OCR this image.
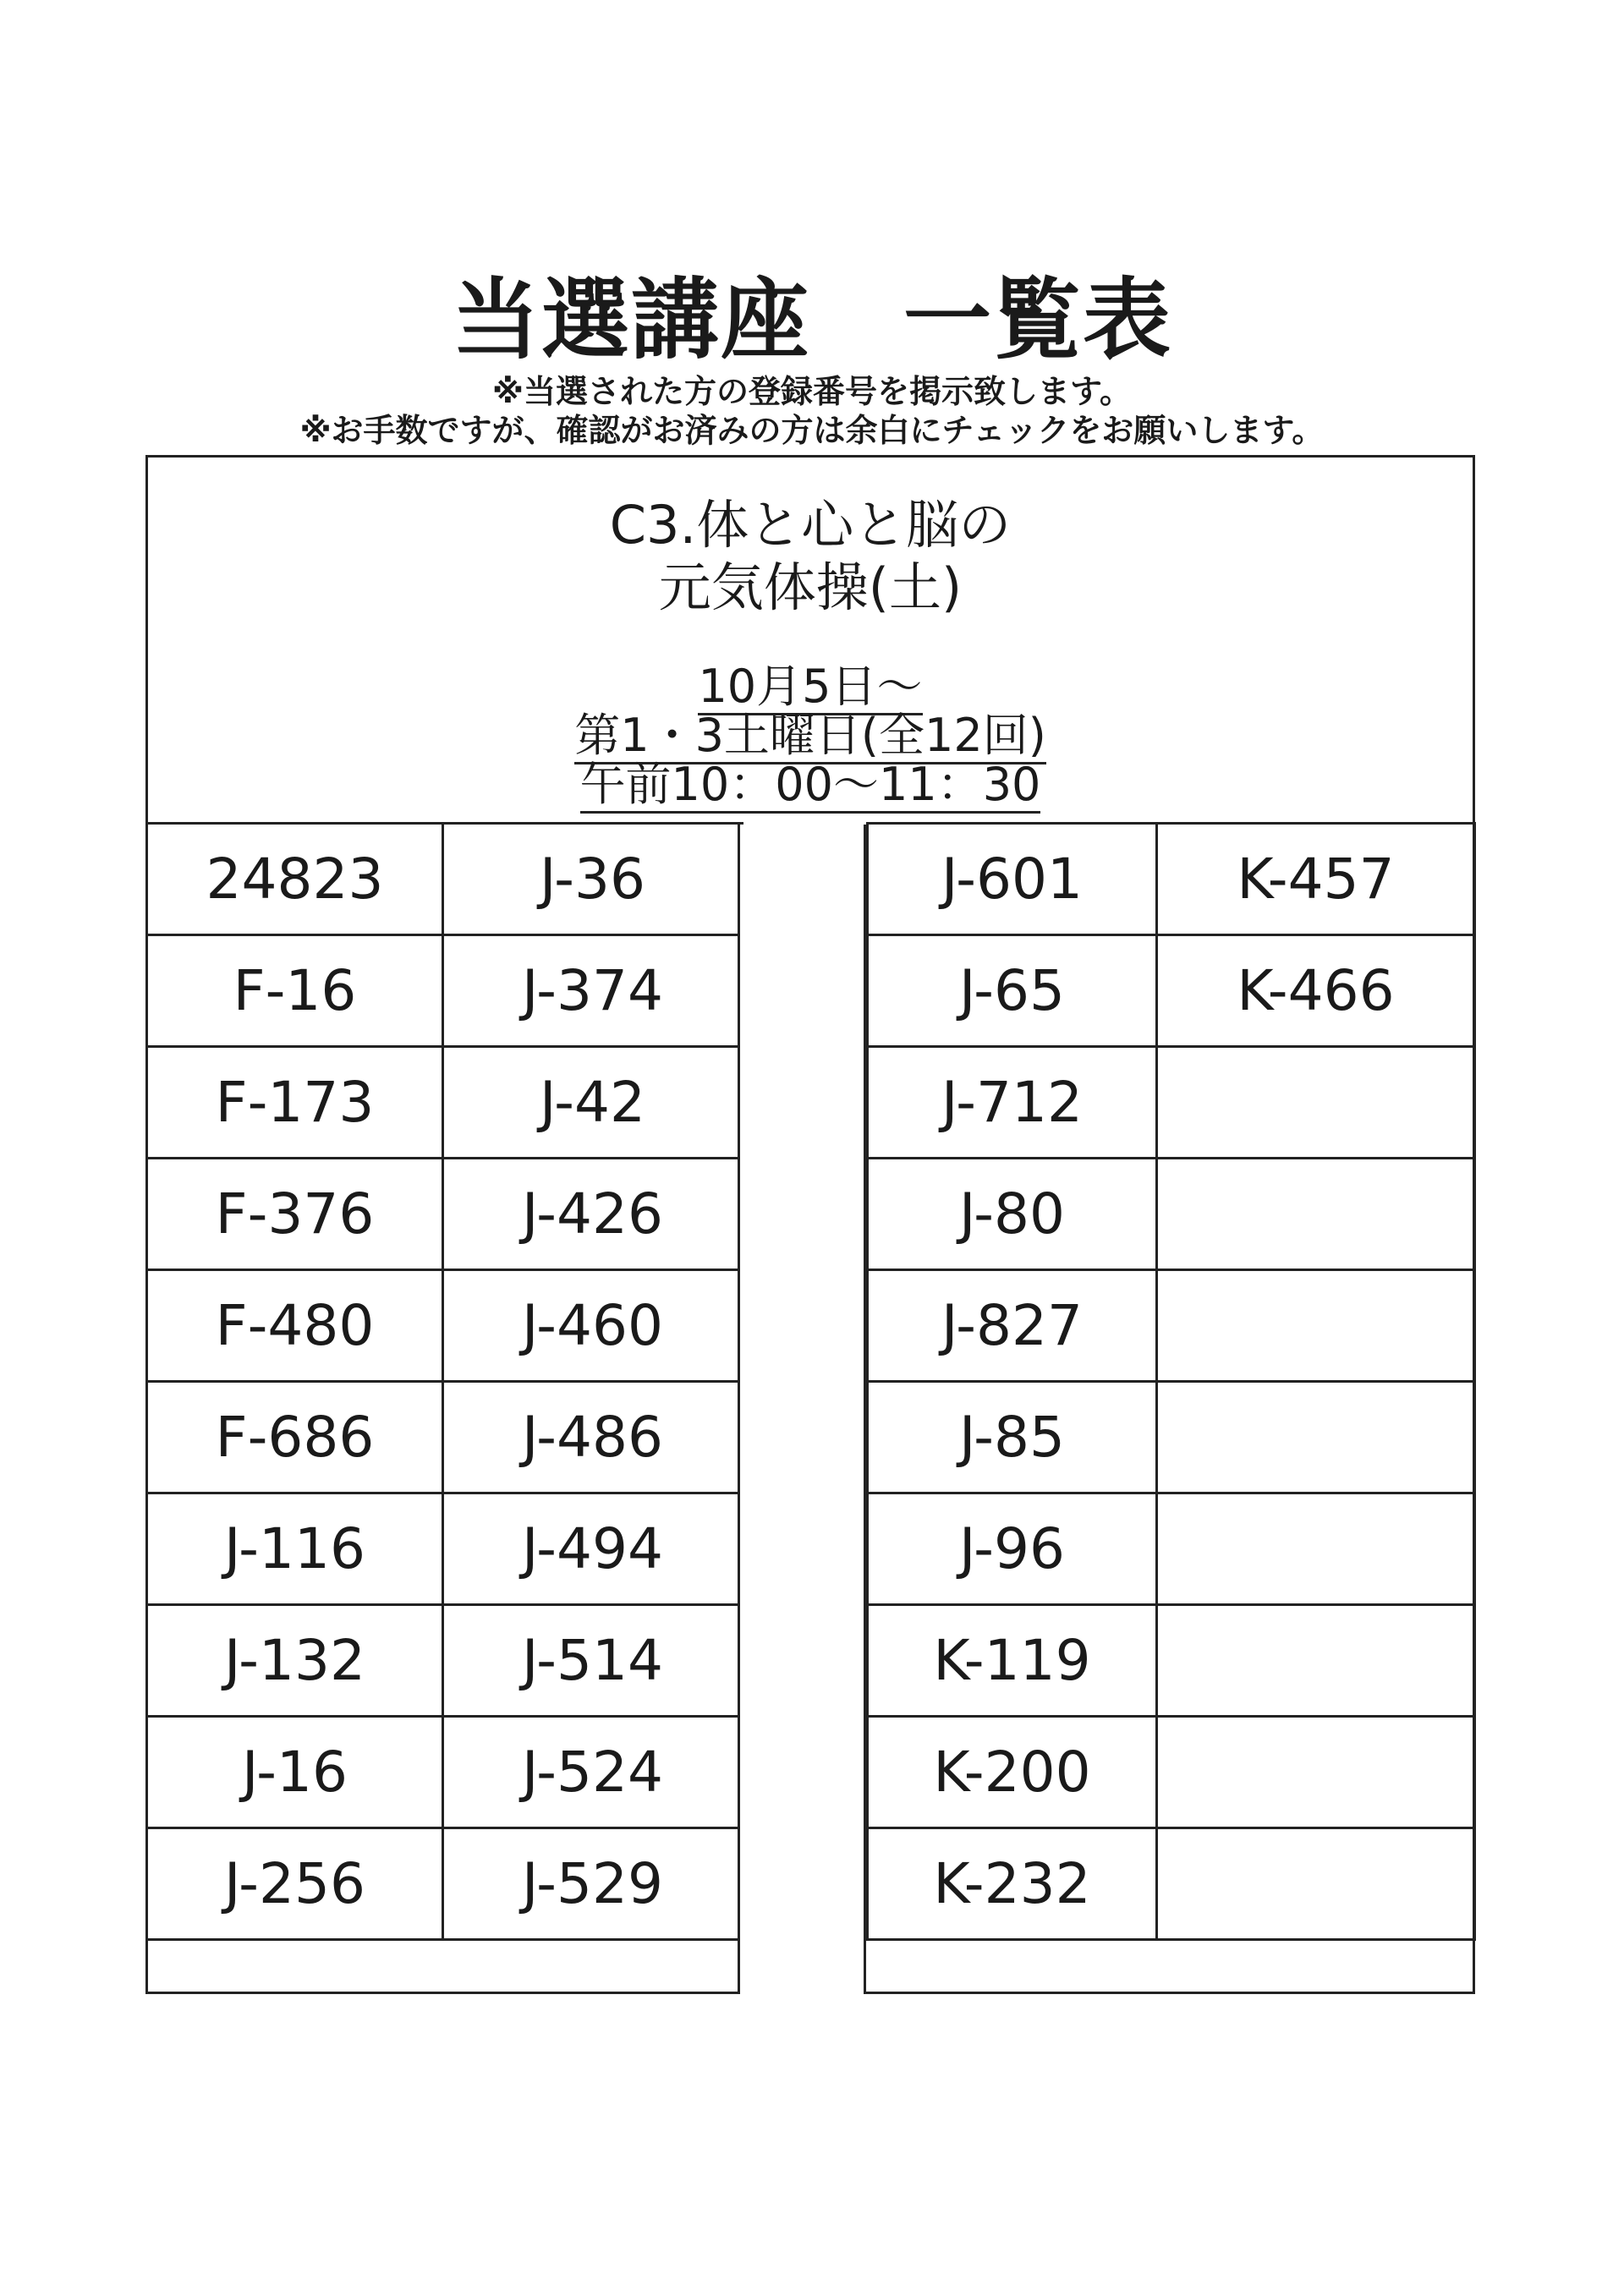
当選講座 一覧表
※当選された方の登録番号を掲示致します。
※お手数ですが、確認がお済みの方は余白にチェックをお願いします。
C3.体と心と脳の
元気体操(土)
10月5日～
第1・3土曜日(全12回)
午前10：00～11：30
24823	J-36
F-16	J-374
F-173	J-42
F-376	J-426
F-480	J-460
F-686	J-486
J-116	J-494
J-132	J-514
J-16	J-524
J-256	J-529
J-601	K-457
J-65	K-466
J-712	
J-80	
J-827	
J-85	
J-96	
K-119	
K-200	
K-232	
